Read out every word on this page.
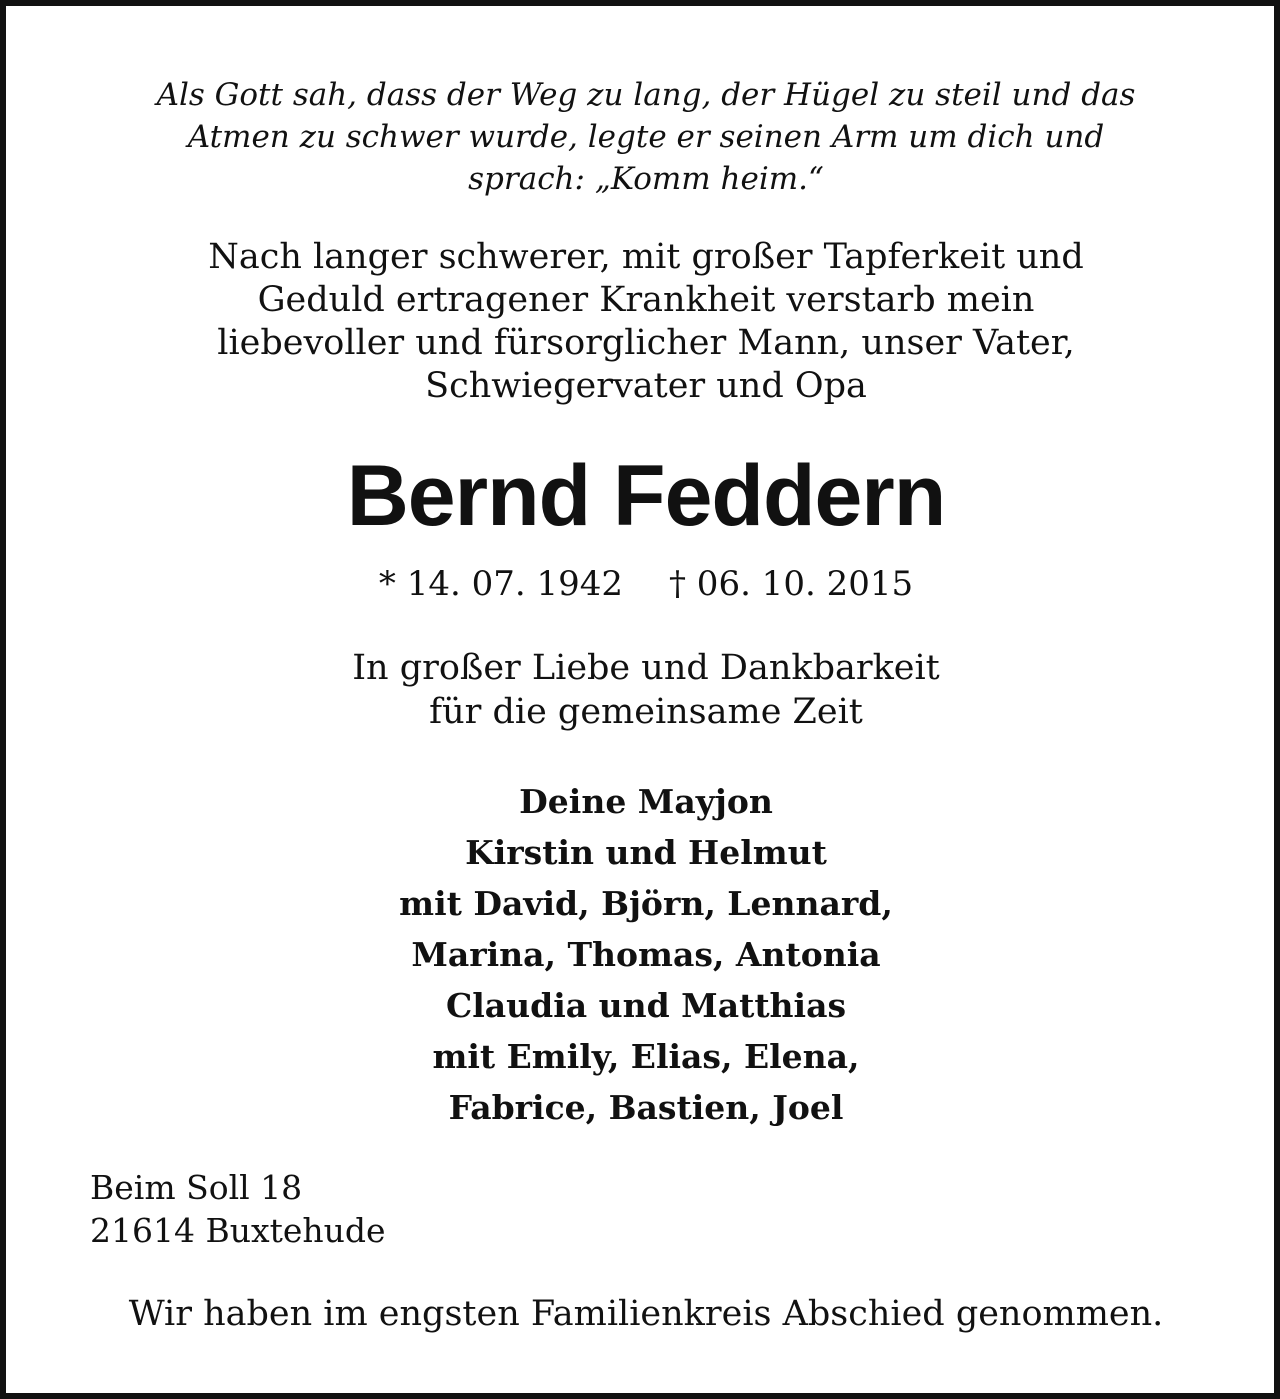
Als Gott sah, dass der Weg zu lang, der Hügel zu steil und das
Atmen zu schwer wurde, legte er seinen Arm um dich und
sprach: „Komm heim.“
Nach langer schwerer, mit großer Tapferkeit und
Geduld ertragener Krankheit verstarb mein
liebevoller und fürsorglicher Mann, unser Vater,
Schwiegervater und Opa
Bernd Feddern
* 14. 07. 1942 † 06. 10. 2015
In großer Liebe und Dankbarkeit
für die gemeinsame Zeit
Deine Mayjon
Kirstin und Helmut
mit David, Björn, Lennard,
Marina, Thomas, Antonia
Claudia und Matthias
mit Emily, Elias, Elena,
Fabrice, Bastien, Joel
Beim Soll 18
21614 Buxtehude
Wir haben im engsten Familienkreis Abschied genommen.
